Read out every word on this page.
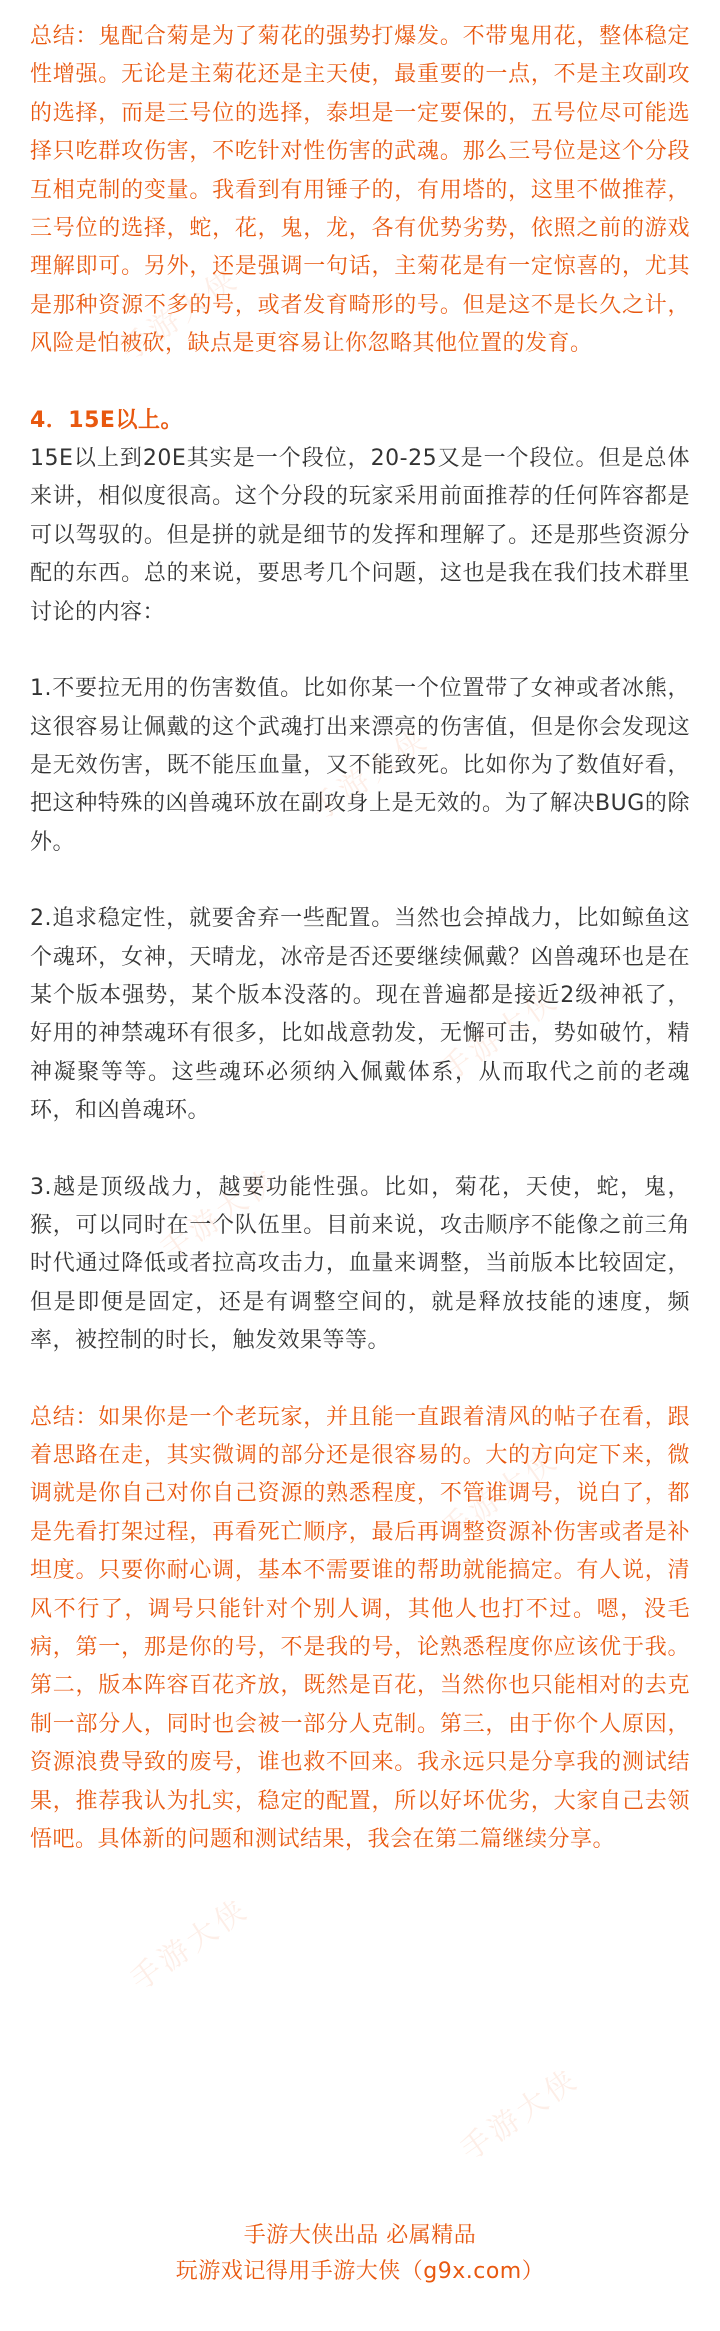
手游大侠
手游大侠
手游大侠
手游大侠
手游大侠
手游大侠
手游大侠

总结：鬼配合菊是为了菊花的强势打爆发。不带鬼用花，整体稳定性增强。无论是主菊花还是主天使，最重要的一点，不是主攻副攻的选择，而是三号位的选择，泰坦是一定要保的，五号位尽可能选择只吃群攻伤害，不吃针对性伤害的武魂。那么三号位是这个分段互相克制的变量。我看到有用锤子的，有用塔的，这里不做推荐，三号位的选择，蛇，花，鬼，龙，各有优势劣势，依照之前的游戏理解即可。另外，还是强调一句话，主菊花是有一定惊喜的，尤其是那种资源不多的号，或者发育畸形的号。但是这不是长久之计，风险是怕被砍，缺点是更容易让你忽略其他位置的发育。

4．15E以上。

15E以上到20E其实是一个段位，20-25又是一个段位。但是总体来讲，相似度很高。这个分段的玩家采用前面推荐的任何阵容都是可以驾驭的。但是拼的就是细节的发挥和理解了。还是那些资源分配的东西。总的来说，要思考几个问题，这也是我在我们技术群里讨论的内容：

1.不要拉无用的伤害数值。比如你某一个位置带了女神或者冰熊，这很容易让佩戴的这个武魂打出来漂亮的伤害值，但是你会发现这是无效伤害，既不能压血量，又不能致死。比如你为了数值好看，把这种特殊的凶兽魂环放在副攻身上是无效的。为了解决BUG的除外。

2.追求稳定性，就要舍弃一些配置。当然也会掉战力，比如鲸鱼这个魂环，女神，天晴龙，冰帝是否还要继续佩戴？凶兽魂环也是在某个版本强势，某个版本没落的。现在普遍都是接近2级神祇了，好用的神禁魂环有很多，比如战意勃发，无懈可击，势如破竹，精神凝聚等等。这些魂环必须纳入佩戴体系，从而取代之前的老魂环，和凶兽魂环。

3.越是顶级战力，越要功能性强。比如，菊花，天使，蛇，鬼，猴，可以同时在一个队伍里。目前来说，攻击顺序不能像之前三角时代通过降低或者拉高攻击力，血量来调整，当前版本比较固定，但是即便是固定，还是有调整空间的，就是释放技能的速度，频率，被控制的时长，触发效果等等。

总结：如果你是一个老玩家，并且能一直跟着清风的帖子在看，跟着思路在走，其实微调的部分还是很容易的。大的方向定下来，微调就是你自己对你自己资源的熟悉程度，不管谁调号，说白了，都是先看打架过程，再看死亡顺序，最后再调整资源补伤害或者是补坦度。只要你耐心调，基本不需要谁的帮助就能搞定。有人说，清风不行了，调号只能针对个别人调，其他人也打不过。嗯，没毛病，第一，那是你的号，不是我的号，论熟悉程度你应该优于我。第二，版本阵容百花齐放，既然是百花，当然你也只能相对的去克制一部分人，同时也会被一部分人克制。第三，由于你个人原因，资源浪费导致的废号，谁也救不回来。我永远只是分享我的测试结果，推荐我认为扎实，稳定的配置，所以好坏优劣，大家自己去领悟吧。具体新的问题和测试结果，我会在第二篇继续分享。

手游大侠出品 必属精品
玩游戏记得用手游大侠（g9x.com）
